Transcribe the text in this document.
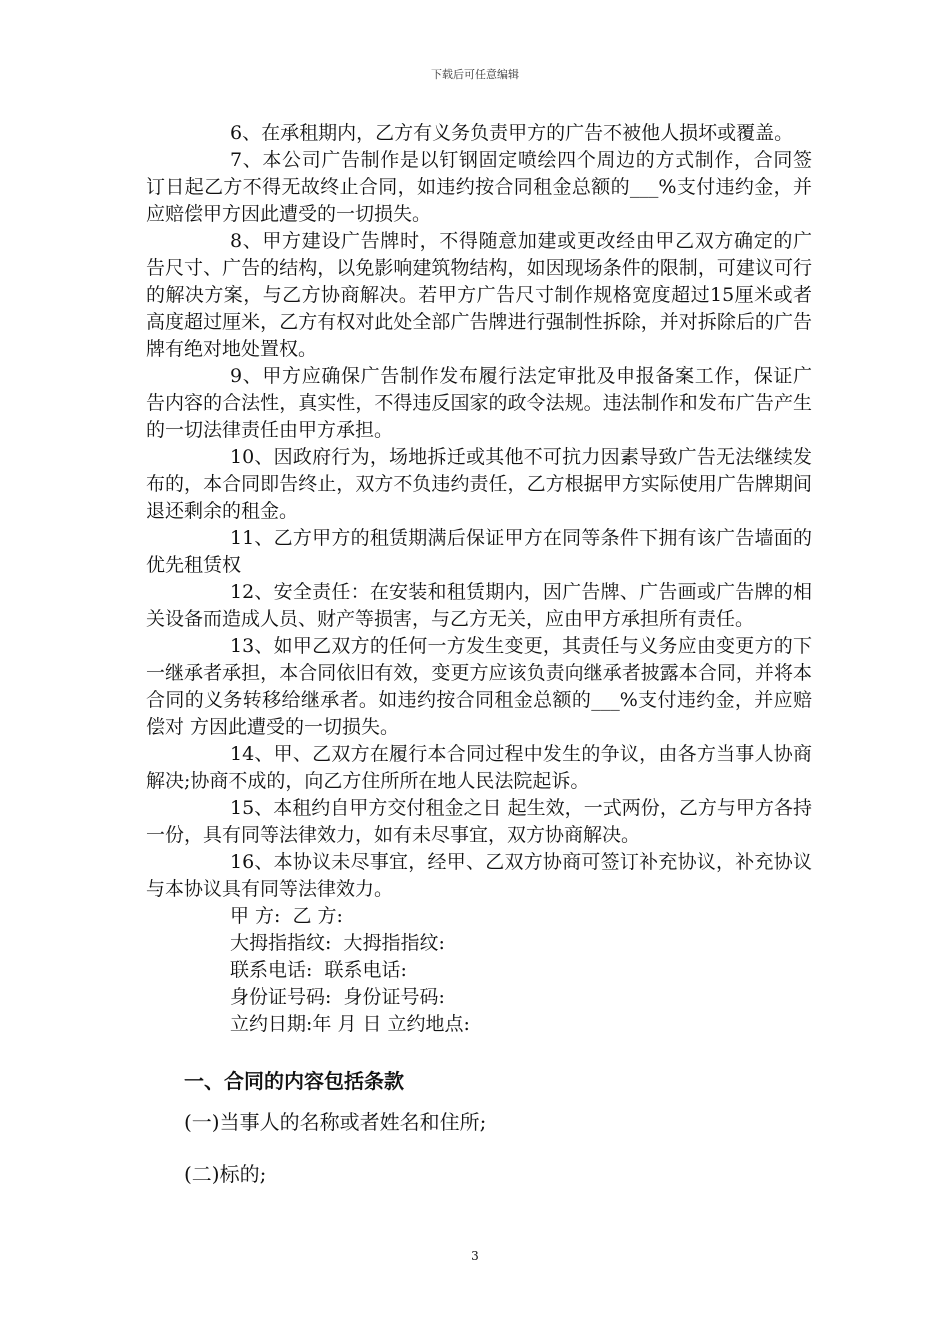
下载后可任意编辑

6、在承租期内，乙方有义务负责甲方的广告不被他人损坏或覆盖。

7、本公司广告制作是以钉钢固定喷绘四个周边的方式制作，合同签订日起乙方不得无故终止合同，如违约按合同租金总额的___%支付违约金，并应赔偿甲方因此遭受的一切损失。

8、甲方建设广告牌时，不得随意加建或更改经由甲乙双方确定的广告尺寸、广告的结构，以免影响建筑物结构，如因现场条件的限制，可建议可行的解决方案，与乙方协商解决。若甲方广告尺寸制作规格宽度超过15厘米或者高度超过厘米，乙方有权对此处全部广告牌进行强制性拆除，并对拆除后的广告牌有绝对地处置权。

9、甲方应确保广告制作发布履行法定审批及申报备案工作，保证广告内容的合法性，真实性，不得违反国家的政令法规。违法制作和发布广告产生的一切法律责任由甲方承担。

10、因政府行为，场地拆迁或其他不可抗力因素导致广告无法继续发布的，本合同即告终止，双方不负违约责任，乙方根据甲方实际使用广告牌期间退还剩余的租金。

11、乙方甲方的租赁期满后保证甲方在同等条件下拥有该广告墙面的优先租赁权

12、安全责任：在安装和租赁期内，因广告牌、广告画或广告牌的相关设备而造成人员、财产等损害，与乙方无关，应由甲方承担所有责任。

13、如甲乙双方的任何一方发生变更，其责任与义务应由变更方的下一继承者承担，本合同依旧有效，变更方应该负责向继承者披露本合同，并将本合同的义务转移给继承者。如违约按合同租金总额的___%支付违约金，并应赔偿对 方因此遭受的一切损失。

14、甲、乙双方在履行本合同过程中发生的争议，由各方当事人协商解决;协商不成的，向乙方住所所在地人民法院起诉。

15、本租约自甲方交付租金之日 起生效，一式两份，乙方与甲方各持一份，具有同等法律效力，如有未尽事宜，双方协商解决。

16、本协议未尽事宜，经甲、乙双方协商可签订补充协议，补充协议与本协议具有同等法律效力。

甲 方:  乙 方:

大拇指指纹:  大拇指指纹:

联系电话:  联系电话:

身份证号码:  身份证号码:

立约日期:年 月 日 立约地点:

一、合同的内容包括条款

(一)当事人的名称或者姓名和住所;

(二)标的;

3
